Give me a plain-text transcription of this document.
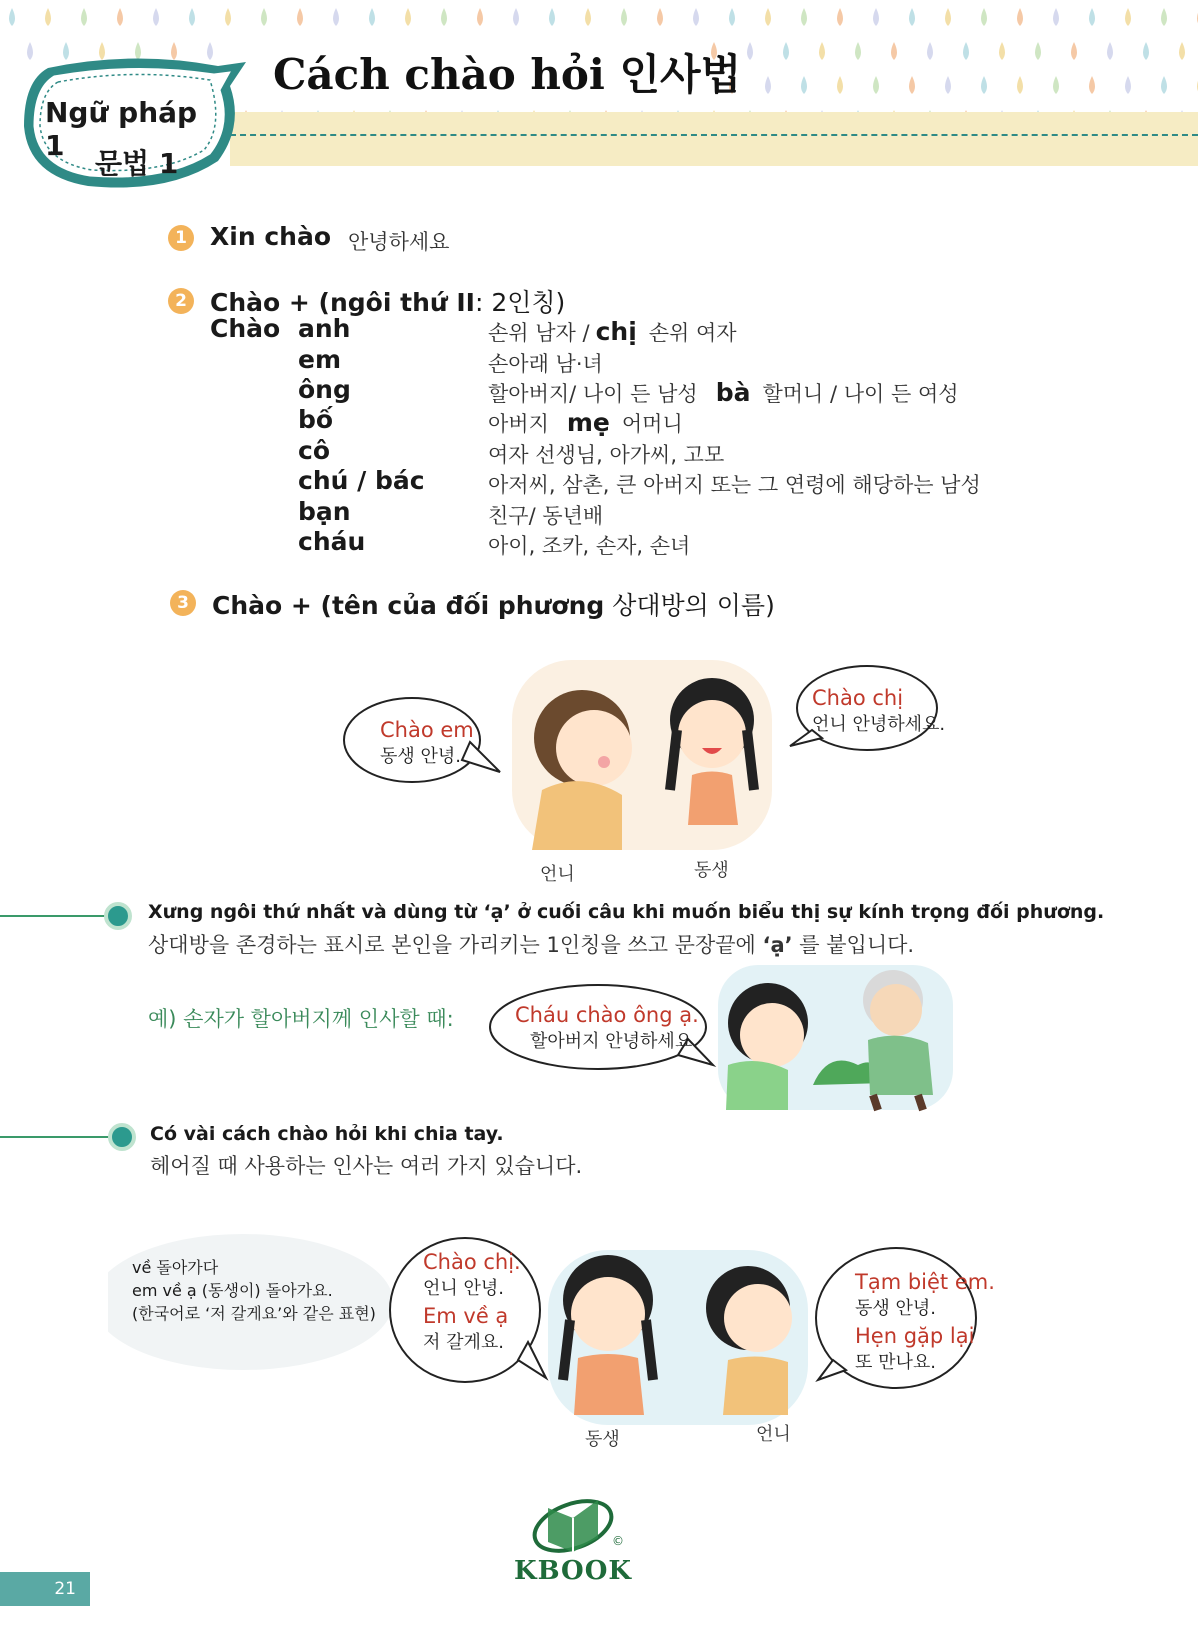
Cách chào hỏi 인사법
Ngữ pháp 1
문법 1
1 Xin chào 안녕하세요
2 Chào + (ngôi thứ II: 2인칭)
Chào anh	손위 남자 / chị 손위 여자
em	손아래 남·녀
ông	할아버지/ 나이 든 남성 bà 할머니 / 나이 든 여성
bố	아버지 mẹ 어머니
cô	여자 선생님, 아가씨, 고모
chú / bác	아저씨, 삼촌, 큰 아버지 또는 그 연령에 해당하는 남성
bạn	친구/ 동년배
cháu	아이, 조카, 손자, 손녀
3 Chào + (tên của đối phương 상대방의 이름)
Chào em
동생 안녕.
Chào chị
언니 안녕하세요.
언니	동생
Xưng ngôi thứ nhất và dùng từ ‘ạ’ ở cuối câu khi muốn biểu thị sự kính trọng đối phương.
상대방을 존경하는 표시로 본인을 가리키는 1인칭을 쓰고 문장끝에 ‘ạ’ 를 붙입니다.
예) 손자가 할아버지께 인사할 때:	Cháu chào ông ạ.
할아버지 안녕하세요
Có vài cách chào hỏi khi chia tay.
헤어질 때 사용하는 인사는 여러 가지 있습니다.
về 돌아가다
em về ạ (동생이) 돌아가요.
(한국어로 ‘저 갈게요’와 같은 표현)
Chào chị.
언니 안녕.
Em về ạ
저 갈게요.
Tạm biệt em.
동생 안녕.
Hẹn gặp lại
또 만나요.
동생	언니
21
KBOOK
©
